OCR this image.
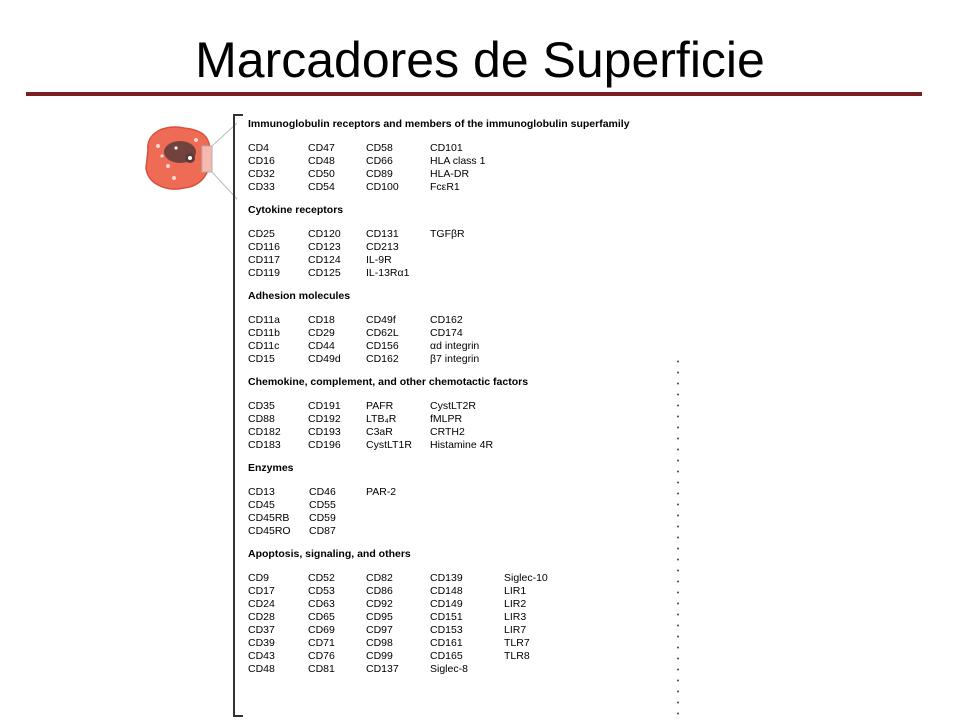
Marcadores de Superficie
Immunoglobulin receptors and members of the immunoglobulin superfamily
CD4	CD47	CD58	CD101
CD16	CD48	CD66	HLA class 1
CD32	CD50	CD89	HLA-DR
CD33	CD54	CD100	FcεR1
Cytokine receptors
CD25	CD120	CD131	TGFβR
CD116	CD123	CD213
CD117	CD124	IL-9R
CD119	CD125	IL-13Rα1
Adhesion molecules
CD11a	CD18	CD49f	CD162
CD11b	CD29	CD62L	CD174
CD11c	CD44	CD156	αd integrin
CD15	CD49d	CD162	β7 integrin
Chemokine, complement, and other chemotactic factors
CD35	CD191	PAFR	CystLT2R
CD88	CD192	LTB₄R	fMLPR
CD182	CD193	C3aR	CRTH2
CD183	CD196	CystLT1R	Histamine 4R
Enzymes
CD13	CD46	PAR-2
CD45	CD55
CD45RB	CD59
CD45RO	CD87
Apoptosis, signaling, and others
CD9	CD52	CD82	CD139	Siglec-10
CD17	CD53	CD86	CD148	LIR1
CD24	CD63	CD92	CD149	LIR2
CD28	CD65	CD95	CD151	LIR3
CD37	CD69	CD97	CD153	LIR7
CD39	CD71	CD98	CD161	TLR7
CD43	CD76	CD99	CD165	TLR8
CD48	CD81	CD137	Siglec-8
